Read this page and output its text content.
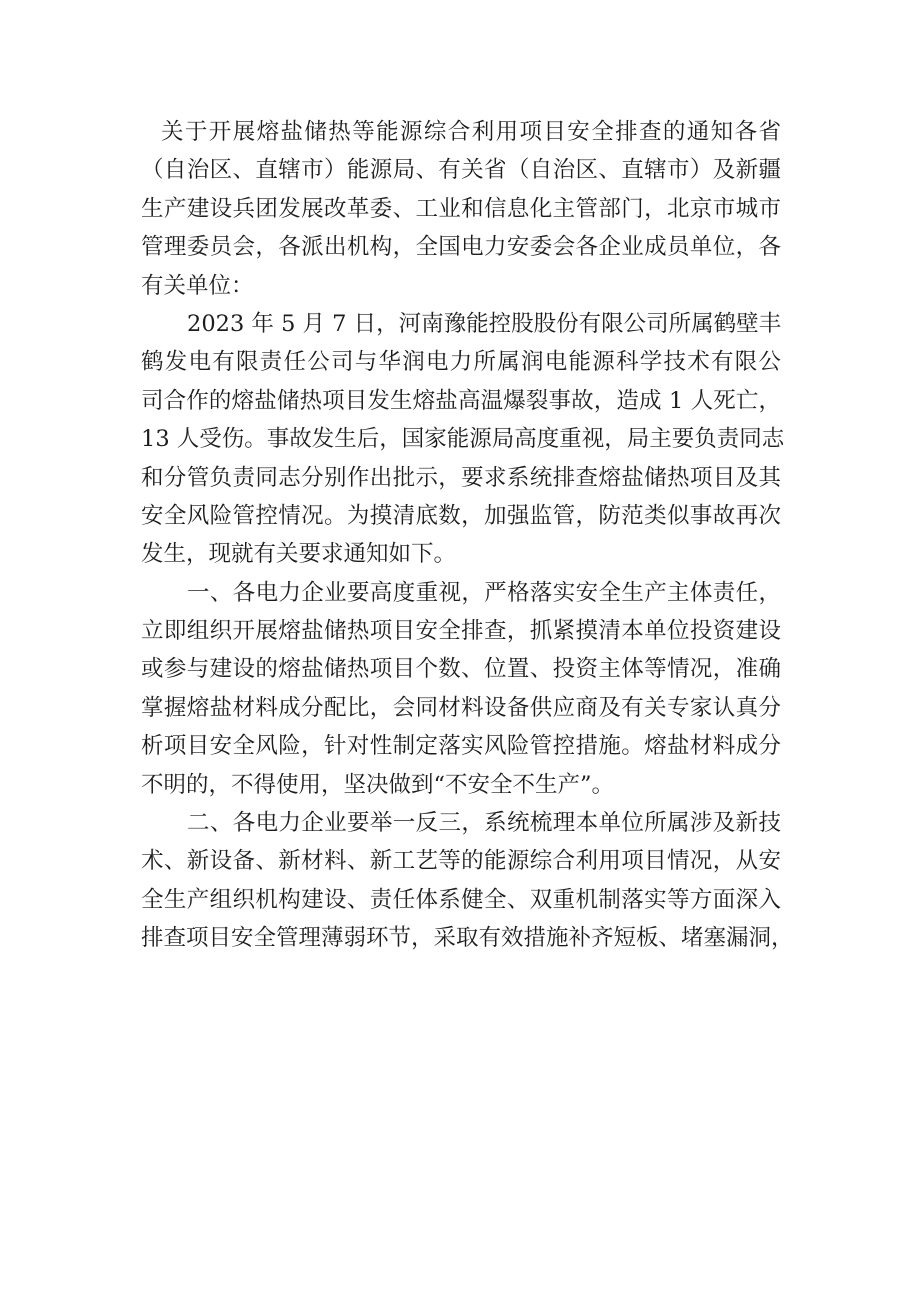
关于开展熔盐储热等能源综合利用项目安全排查的通知各省
（自治区、直辖市）能源局、有关省（自治区、直辖市）及新疆
生产建设兵团发展改革委、工业和信息化主管部门，北京市城市
管理委员会，各派出机构，全国电力安委会各企业成员单位，各
有关单位：
2023 年 5 月 7 日，河南豫能控股股份有限公司所属鹤壁丰
鹤发电有限责任公司与华润电力所属润电能源科学技术有限公
司合作的熔盐储热项目发生熔盐高温爆裂事故，造成 1 人死亡，
13 人受伤。事故发生后，国家能源局高度重视，局主要负责同志
和分管负责同志分别作出批示，要求系统排查熔盐储热项目及其
安全风险管控情况。为摸清底数，加强监管，防范类似事故再次
发生，现就有关要求通知如下。
一、各电力企业要高度重视，严格落实安全生产主体责任，
立即组织开展熔盐储热项目安全排查，抓紧摸清本单位投资建设
或参与建设的熔盐储热项目个数、位置、投资主体等情况，准确
掌握熔盐材料成分配比，会同材料设备供应商及有关专家认真分
析项目安全风险，针对性制定落实风险管控措施。熔盐材料成分
不明的，不得使用，坚决做到“不安全不生产”。
二、各电力企业要举一反三，系统梳理本单位所属涉及新技
术、新设备、新材料、新工艺等的能源综合利用项目情况，从安
全生产组织机构建设、责任体系健全、双重机制落实等方面深入
排查项目安全管理薄弱环节，采取有效措施补齐短板、堵塞漏洞，
